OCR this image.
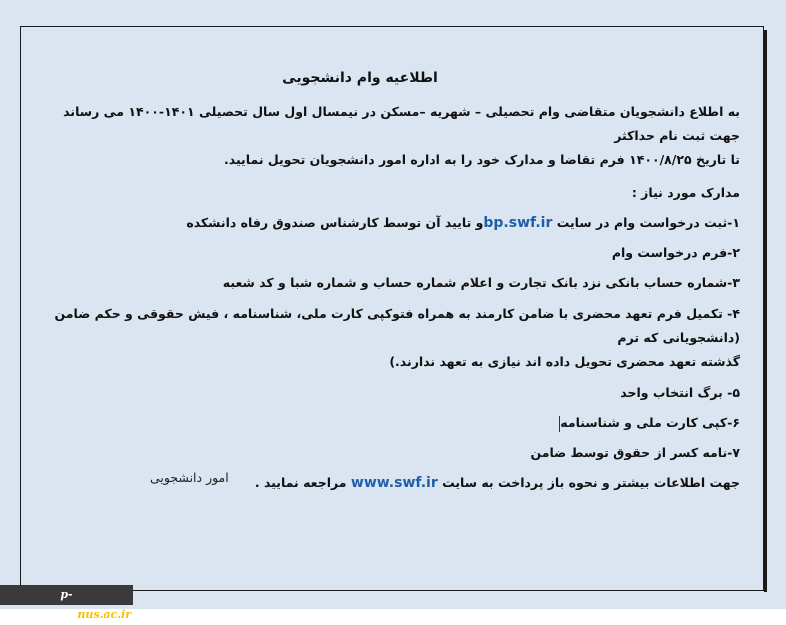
اطلاعیه وام دانشجویی
به اطلاع دانشجویان متقاضی وام تحصیلی – شهریه –مسکن در نیمسال اول سال تحصیلی ۱۴۰۱-۱۴۰۰ می رساند جهت ثبت نام حداکثر
تا تاریخ ۱۴۰۰/۸/۲۵ فرم تقاضا و مدارک خود را به اداره امور دانشجویان تحویل نمایید.
مدارک مورد نیاز :
۱-ثبت درخواست وام در سایت bp.swf.irو تایید آن توسط کارشناس صندوق رفاه دانشکده
۲-فرم درخواست وام
۳-شماره حساب بانکی نزد بانک تجارت و اعلام شماره حساب و شماره شبا و کد شعبه
۴- تکمیل فرم تعهد محضری با ضامن کارمند به همراه فتوکپی کارت ملی، شناسنامه ، فیش حقوقی و حکم ضامن (دانشجویانی که ترم
گذشته تعهد محضری تحویل داده اند نیازی به تعهد ندارند.)
۵- برگ انتخاب واحد
۶-کپی کارت ملی و شناسنامه
۷-نامه کسر از حقوق توسط ضامن
جهت اطلاعات بیشتر و نحوه باز پرداخت به سایت www.swf.ir مراجعه نمایید .
امور دانشجویی
p-bandarabas.nus.ac.ir
